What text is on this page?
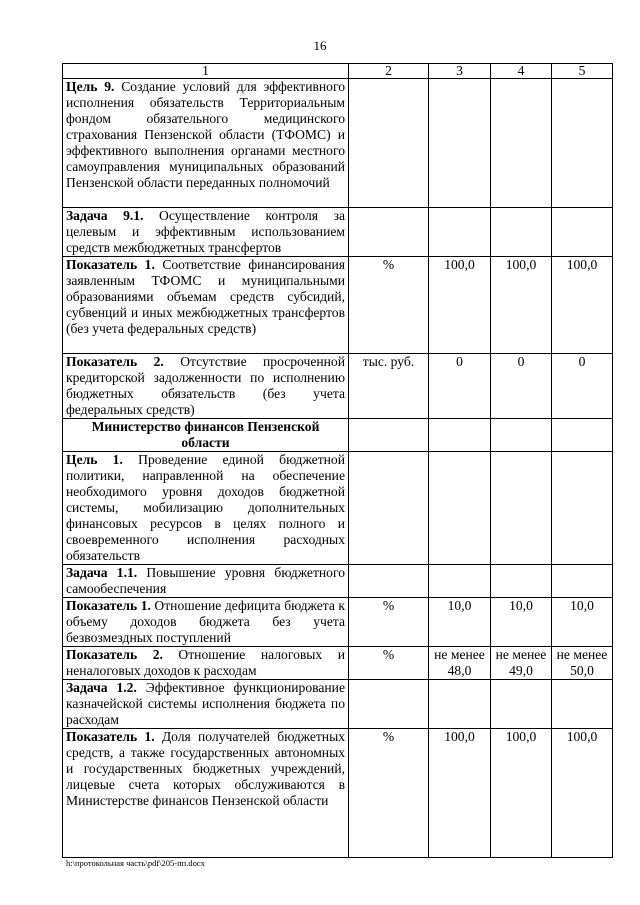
16
1	2	3	4	5
Цель 9. Создание условий для эффективного исполнения обязательств Территориальным фондом обязательного медицинского страхования Пензенской области (ТФОМС) и эффективного выполнения органами местного самоуправления муниципальных образований Пензенской области переданных полномочий				
Задача 9.1. Осуществление контроля за целевым и эффективным использованием средств межбюджетных трансфертов				
Показатель 1. Соответствие финансирования заявленным ТФОМС и муниципальными образованиями объемам средств субсидий, субвенций и иных межбюджетных трансфертов (без учета федеральных средств)	%	100,0	100,0	100,0
Показатель 2. Отсутствие просроченной кредиторской задолженности по исполнению бюджетных обязательств (без учета федеральных средств)	тыс. руб.	0	0	0
Министерство финансов Пензенской области				
Цель 1. Проведение единой бюджетной политики, направленной на обеспечение необходимого уровня доходов бюджетной системы, мобилизацию дополнительных финансовых ресурсов в целях полного и своевременного исполнения расходных обязательств				
Задача 1.1. Повышение уровня бюджетного самообеспечения				
Показатель 1. Отношение дефицита бюджета к объему доходов бюджета без учета безвозмездных поступлений	%	10,0	10,0	10,0
Показатель 2. Отношение налоговых и неналоговых доходов к расходам	%	не менее 48,0	не менее 49,0	не менее 50,0
Задача 1.2. Эффективное функционирование казначейской системы исполнения бюджета по расходам				
Показатель 1. Доля получателей бюджетных средств, а также государственных автономных и государственных бюджетных учреждений, лицевые счета которых обслуживаются в Министерстве финансов Пензенской области	%	100,0	100,0	100,0
h:\протокольная часть\pdf\205-пп.docx
